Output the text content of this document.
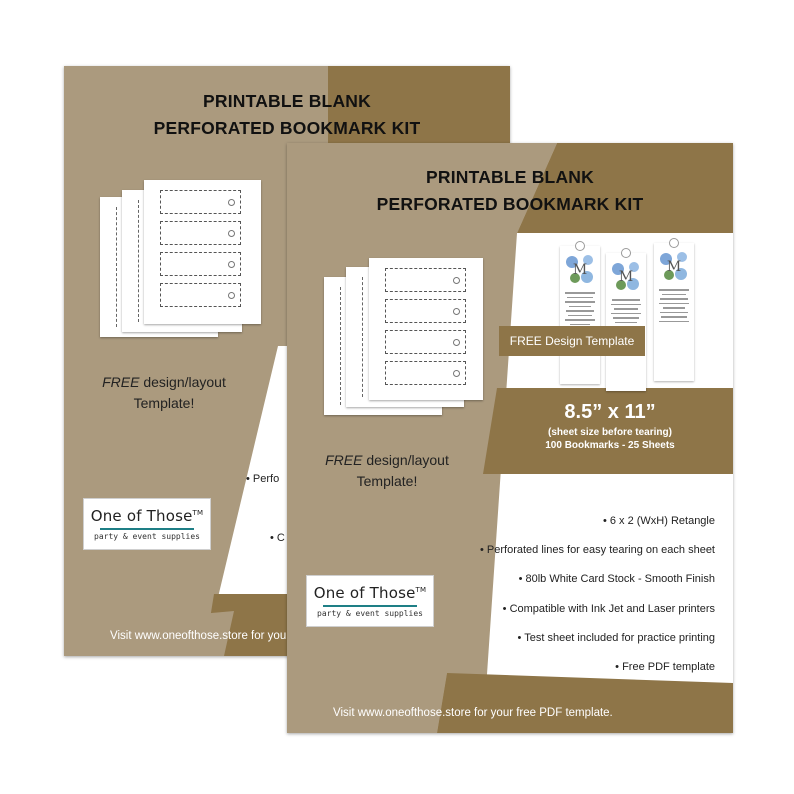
PRINTABLE BLANK
PERFORATED BOOKMARK KIT
FREE design/layout
Template!
• Perfo
• C
One of Those™
party & event supplies
Visit www.oneofthose.store for you
PRINTABLE BLANK
PERFORATED BOOKMARK KIT
M M
M
FREE Design Template
8.5” x 11”
(sheet size before tearing)
100 Bookmarks - 25 Sheets
FREE design/layout
Template!
• 6 x 2 (WxH) Retangle
• Perforated lines for easy tearing on each sheet
• 80lb White Card Stock - Smooth Finish
• Compatible with Ink Jet and Laser printers
• Test sheet included for practice printing
• Free PDF template
One of Those™
party & event supplies
Visit www.oneofthose.store for your free PDF template.
